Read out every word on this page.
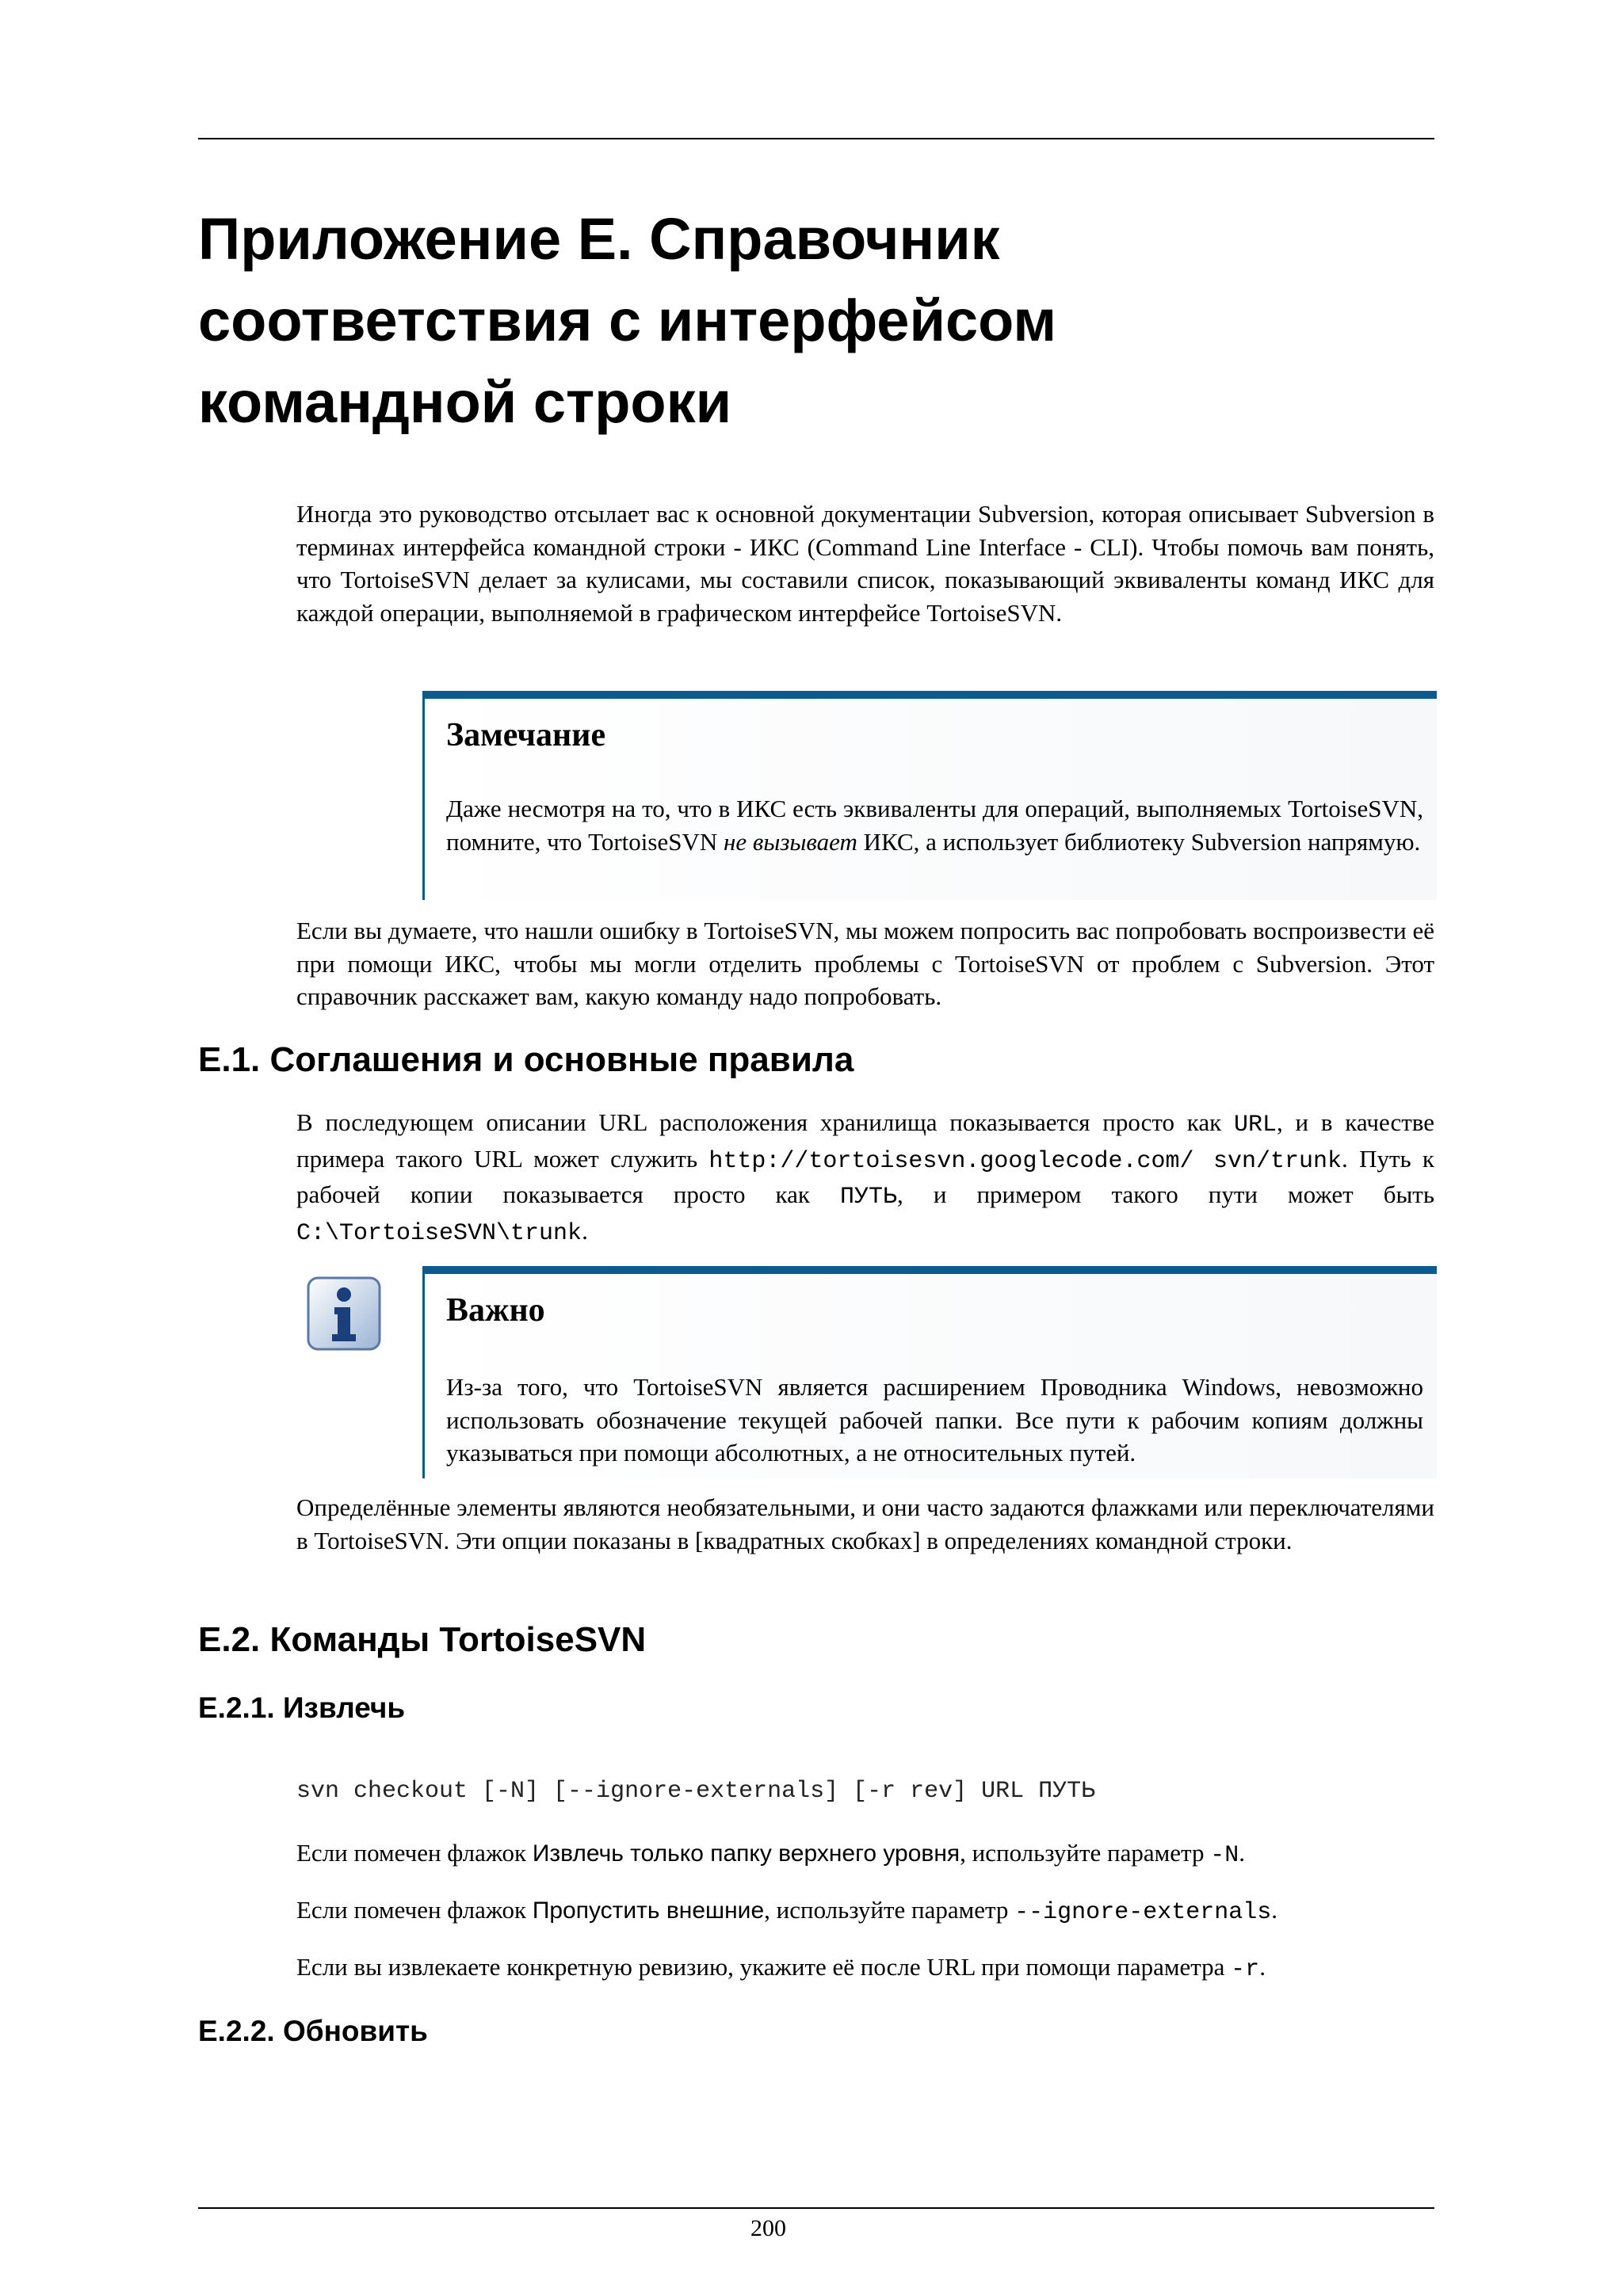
Приложение E. Справочник
соответствия с интерфейсом
командной строки

Иногда это руководство отсылает вас к основной документации Subversion, которая описывает Subversion в терминах интерфейса командной строки - ИКС (Command Line Interface - CLI). Чтобы помочь вам понять, что TortoiseSVN делает за кулисами, мы составили список, показывающий эквиваленты команд ИКС для каждой операции, выполняемой в графическом интерфейсе TortoiseSVN.

Замечание

Даже несмотря на то, что в ИКС есть эквиваленты для операций, выполняемых TortoiseSVN, помните, что TortoiseSVN не вызывает ИКС, а использует библиотеку Subversion напрямую.

Если вы думаете, что нашли ошибку в TortoiseSVN, мы можем попросить вас попробовать воспроизвести её при помощи ИКС, чтобы мы могли отделить проблемы с TortoiseSVN от проблем с Subversion. Этот справочник расскажет вам, какую команду надо попробовать.

E.1. Соглашения и основные правила

В последующем описании URL расположения хранилища показывается просто как URL, и в качестве примера такого URL может служить http://tortoisesvn.googlecode.com/ svn/trunk. Путь к рабочей копии показывается просто как ПУТЬ, и примером такого пути может быть C:\TortoiseSVN\trunk.

Важно

Из-за того, что TortoiseSVN является расширением Проводника Windows, невозможно использовать обозначение текущей рабочей папки. Все пути к рабочим копиям должны указываться при помощи абсолютных, а не относительных путей.

Определённые элементы являются необязательными, и они часто задаются флажками или переключателями в TortoiseSVN. Эти опции показаны в [квадратных скобках] в определениях командной строки.

E.2. Команды TortoiseSVN
E.2.1. Извлечь
svn checkout [-N] [--ignore-externals] [-r rev] URL ПУТЬ

Если помечен флажок Извлечь только папку верхнего уровня, используйте параметр -N.

Если помечен флажок Пропустить внешние, используйте параметр --ignore-externals.

Если вы извлекаете конкретную ревизию, укажите её после URL при помощи параметра -r.

E.2.2. Обновить
200
